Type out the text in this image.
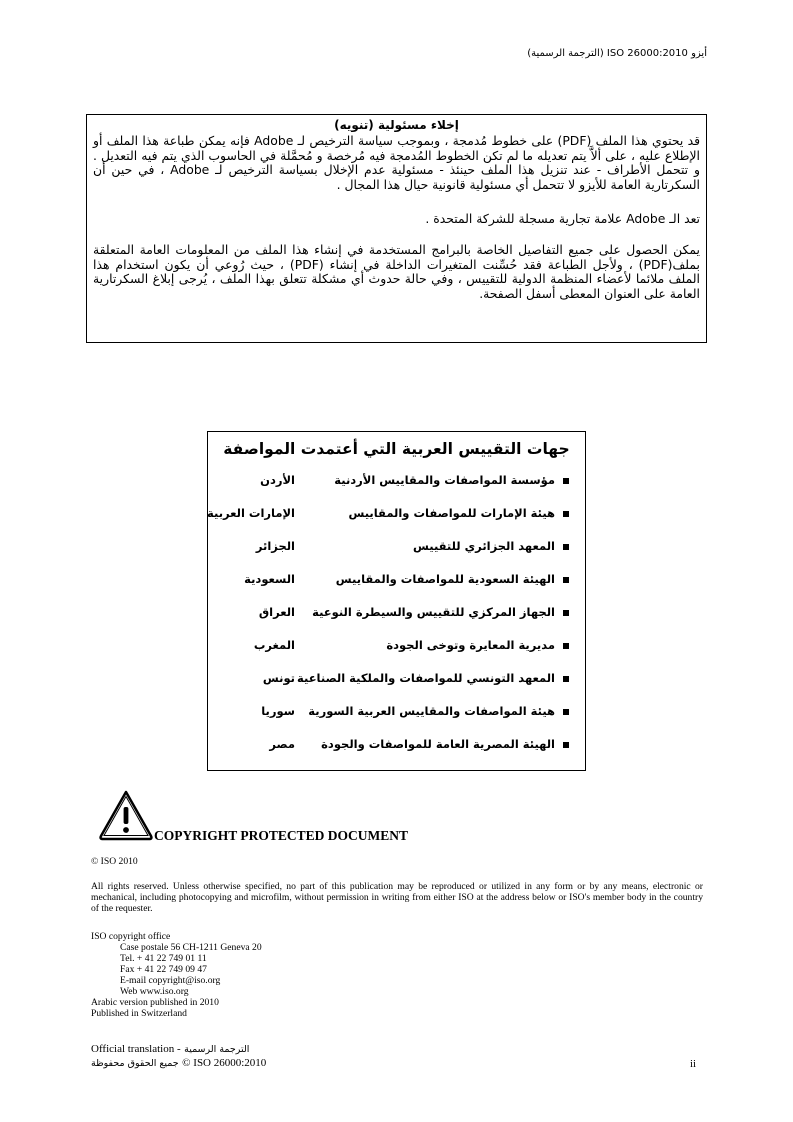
أيزو ISO 26000:2010 (الترجمة الرسمية)
إخلاء مسئولية (تنويه)

قد يحتوي هذا الملف (PDF) على خطوط مُدمجة ، وبموجب سياسة الترخيص لـ Adobe فإنه يمكن طباعة هذا الملف أو الإطلاع عليه ، على ألاَّ يتم تعديله ما لم تكن الخطوط المُدمجة فيه مُرخصة و مُحمَّلة في الحاسوب الذي يتم فيه التعديل . و تتحمل الأطراف - عند تنزيل هذا الملف حينئذ - مسئولية عدم الإخلال بسياسة الترخيص لـ Adobe ، في حين أن السكرتارية العامة للأيزو لا تتحمل أي مسئولية قانونية حيال هذا المجال .

تعد الـ Adobe علامة تجارية مسجلة للشركة المتحدة .

يمكن الحصول على جميع التفاصيل الخاصة بالبرامج المستخدمة في إنشاء هذا الملف من المعلومات العامة المتعلقة بملف(PDF) ، ولأجل الطباعة فقد حُسِّنت المتغيرات الداخلة في إنشاء (PDF) ، حيث رُوعي أن يكون استخدام هذا الملف ملائما لأعضاء المنظمة الدولية للتقييس ، وفي حالة حدوث أي مشكلة تتعلق بهذا الملف ، يُرجى إبلاغ السكرتارية العامة على العنوان المعطى أسفل الصفحة.

جهات التقييس العربية التي أعتمدت المواصفة
مؤسسة المواصفات والمقاييس الأردنية
الأردن
هيئة الإمارات للمواصفات والمقاييس
الإمارات العربية
المعهد الجزائري للتقييس
الجزائر
الهيئة السعودية للمواصفات والمقاييس
السعودية
الجهاز المركزي للتقييس والسيطرة النوعية
العراق
مديرية المعايرة وتوخى الجودة
المغرب
المعهد التونسي للمواصفات والملكية الصناعية
تونس
هيئة المواصفات والمقاييس العربية السورية
سوريا
الهيئة المصرية العامة للمواصفات والجودة
مصر
COPYRIGHT PROTECTED DOCUMENT
© ISO 2010
All rights reserved. Unless otherwise specified, no part of this publication may be reproduced or utilized in any form or by any means, electronic or mechanical, including photocopying and microfilm, without permission in writing from either ISO at the address below or ISO's member body in the country of the requester.
ISO copyright office
Case postale 56 CH-1211 Geneva 20
Tel. + 41 22 749 01 11
Fax + 41 22 749 09 47
E-mail copyright@iso.org
Web www.iso.org
Arabic version published in 2010
Published in Switzerland
Official translation - الترجمة الرسمية
جميع الحقوق محفوظة © ISO 26000:2010	ii
